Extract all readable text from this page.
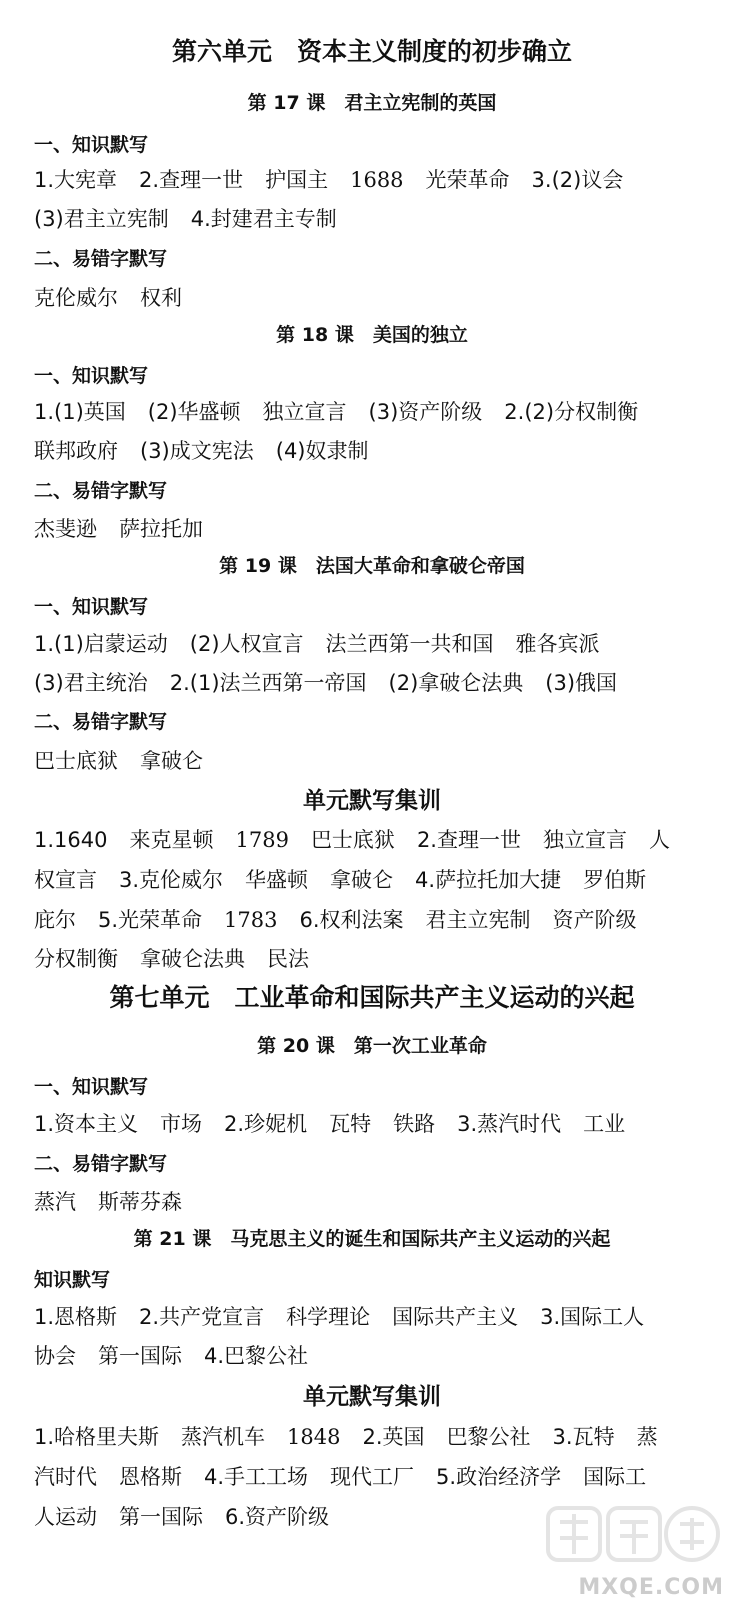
第六单元　资本主义制度的初步确立
第 17 课　君主立宪制的英国
一、知识默写
1.大宪章 2.查理一世 护国主 1688 光荣革命 3.(2)议会
(3)君主立宪制 4.封建君主专制
二、易错字默写
克伦威尔 权利
第 18 课　美国的独立
一、知识默写
1.(1)英国 (2)华盛顿 独立宣言 (3)资产阶级 2.(2)分权制衡
联邦政府 (3)成文宪法 (4)奴隶制
二、易错字默写
杰斐逊 萨拉托加
第 19 课　法国大革命和拿破仑帝国
一、知识默写
1.(1)启蒙运动 (2)人权宣言 法兰西第一共和国 雅各宾派
(3)君主统治 2.(1)法兰西第一帝国 (2)拿破仑法典 (3)俄国
二、易错字默写
巴士底狱 拿破仑
单元默写集训
1.1640 来克星顿 1789 巴士底狱 2.查理一世 独立宣言 人
权宣言 3.克伦威尔 华盛顿 拿破仑 4.萨拉托加大捷 罗伯斯
庇尔 5.光荣革命 1783 6.权利法案 君主立宪制 资产阶级
分权制衡 拿破仑法典 民法
第七单元　工业革命和国际共产主义运动的兴起
第 20 课　第一次工业革命
一、知识默写
1.资本主义 市场 2.珍妮机 瓦特 铁路 3.蒸汽时代 工业
二、易错字默写
蒸汽 斯蒂芬森
第 21 课　马克思主义的诞生和国际共产主义运动的兴起
知识默写
1.恩格斯 2.共产党宣言 科学理论 国际共产主义 3.国际工人
协会 第一国际 4.巴黎公社
单元默写集训
1.哈格里夫斯 蒸汽机车 1848 2.英国 巴黎公社 3.瓦特 蒸
汽时代 恩格斯 4.手工工场 现代工厂 5.政治经济学 国际工
人运动 第一国际 6.资产阶级
MXQE.COM
